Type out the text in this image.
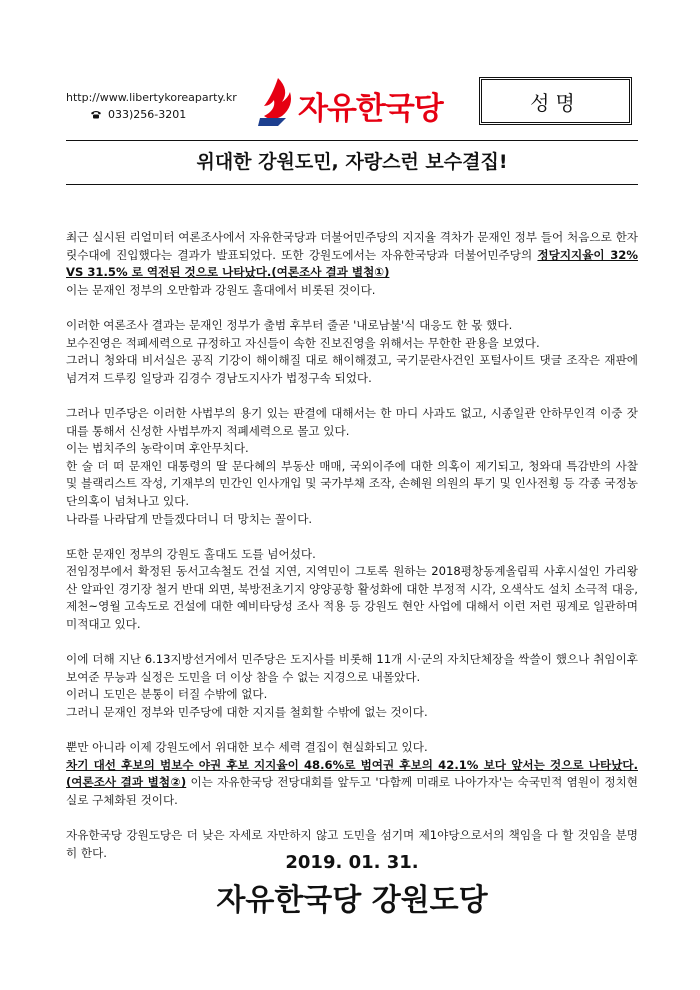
http://www.libertykoreaparty.kr
033)256-3201	자유한국당	성명
위대한 강원도민, 자랑스런 보수결집!

최근 실시된 리얼미터 여론조사에서 자유한국당과 더불어민주당의 지지율 격차가 문재인 정부 들어 처음으로 한자릿수대에 진입했다는 결과가 발표되었다. 또한 강원도에서는 자유한국당과 더불어민주당의 정당지지율이 32% VS 31.5% 로 역전된 것으로 나타났다.(여론조사 결과 별첨①)
이는 문재인 정부의 오만함과 강원도 홀대에서 비롯된 것이다.

이러한 여론조사 결과는 문재인 정부가 출범 후부터 줄곧 '내로남불'식 대응도 한 몫 했다.
보수진영은 적폐세력으로 규정하고 자신들이 속한 진보진영을 위해서는 무한한 관용을 보였다.
그러니 청와대 비서실은 공직 기강이 해이해질 대로 해이해졌고, 국기문란사건인 포털사이트 댓글 조작은 재판에 넘겨져 드루킹 일당과 김경수 경남도지사가 법정구속 되었다.

그러나 민주당은 이러한 사법부의 용기 있는 판결에 대해서는 한 마디 사과도 없고, 시종일관 안하무인격 이중 잣대를 통해서 신성한 사법부까지 적폐세력으로 몰고 있다.
이는 법치주의 농락이며 후안무치다.
한 술 더 떠 문재인 대통령의 딸 문다혜의 부동산 매매, 국외이주에 대한 의혹이 제기되고, 청와대 특감반의 사찰 및 블랙리스트 작성, 기재부의 민간인 인사개입 및 국가부채 조작, 손혜원 의원의 투기 및 인사전횡 등 각종 국정농단의혹이 넘쳐나고 있다.
나라를 나라답게 만들겠다더니 더 망치는 꼴이다.

또한 문재인 정부의 강원도 홀대도 도를 넘어섰다.
전임정부에서 확정된 동서고속철도 건설 지연, 지역민이 그토록 원하는 2018평창동계올림픽 사후시설인 가리왕산 알파인 경기장 철거 반대 외면, 북방전초기지 양양공항 활성화에 대한 부정적 시각, 오색삭도 설치 소극적 대응, 제천~영월 고속도로 건설에 대한 예비타당성 조사 적용 등 강원도 현안 사업에 대해서 이런 저런 핑계로 일관하며 미적대고 있다.

이에 더해 지난 6.13지방선거에서 민주당은 도지사를 비롯해 11개 시·군의 자치단체장을 싹쓸이 했으나 취임이후 보여준 무능과 실정은 도민을 더 이상 참을 수 없는 지경으로 내몰았다.
이러니 도민은 분통이 터질 수밖에 없다.
그러니 문재인 정부와 민주당에 대한 지지를 철회할 수밖에 없는 것이다.

뿐만 아니라 이제 강원도에서 위대한 보수 세력 결집이 현실화되고 있다.
차기 대선 후보의 범보수 야권 후보 지지율이 48.6%로 범여권 후보의 42.1% 보다 앞서는 것으로 나타났다.(여론조사 결과 별첨②) 이는 자유한국당 전당대회를 앞두고 '다함께 미래로 나아가자'는 숙국민적 염원이 정치현실로 구체화된 것이다.

자유한국당 강원도당은 더 낮은 자세로 자만하지 않고 도민을 섬기며 제1야당으로서의 책임을 다 할 것임을 분명히 한다.	2019. 01. 31.
자유한국당 강원도당
